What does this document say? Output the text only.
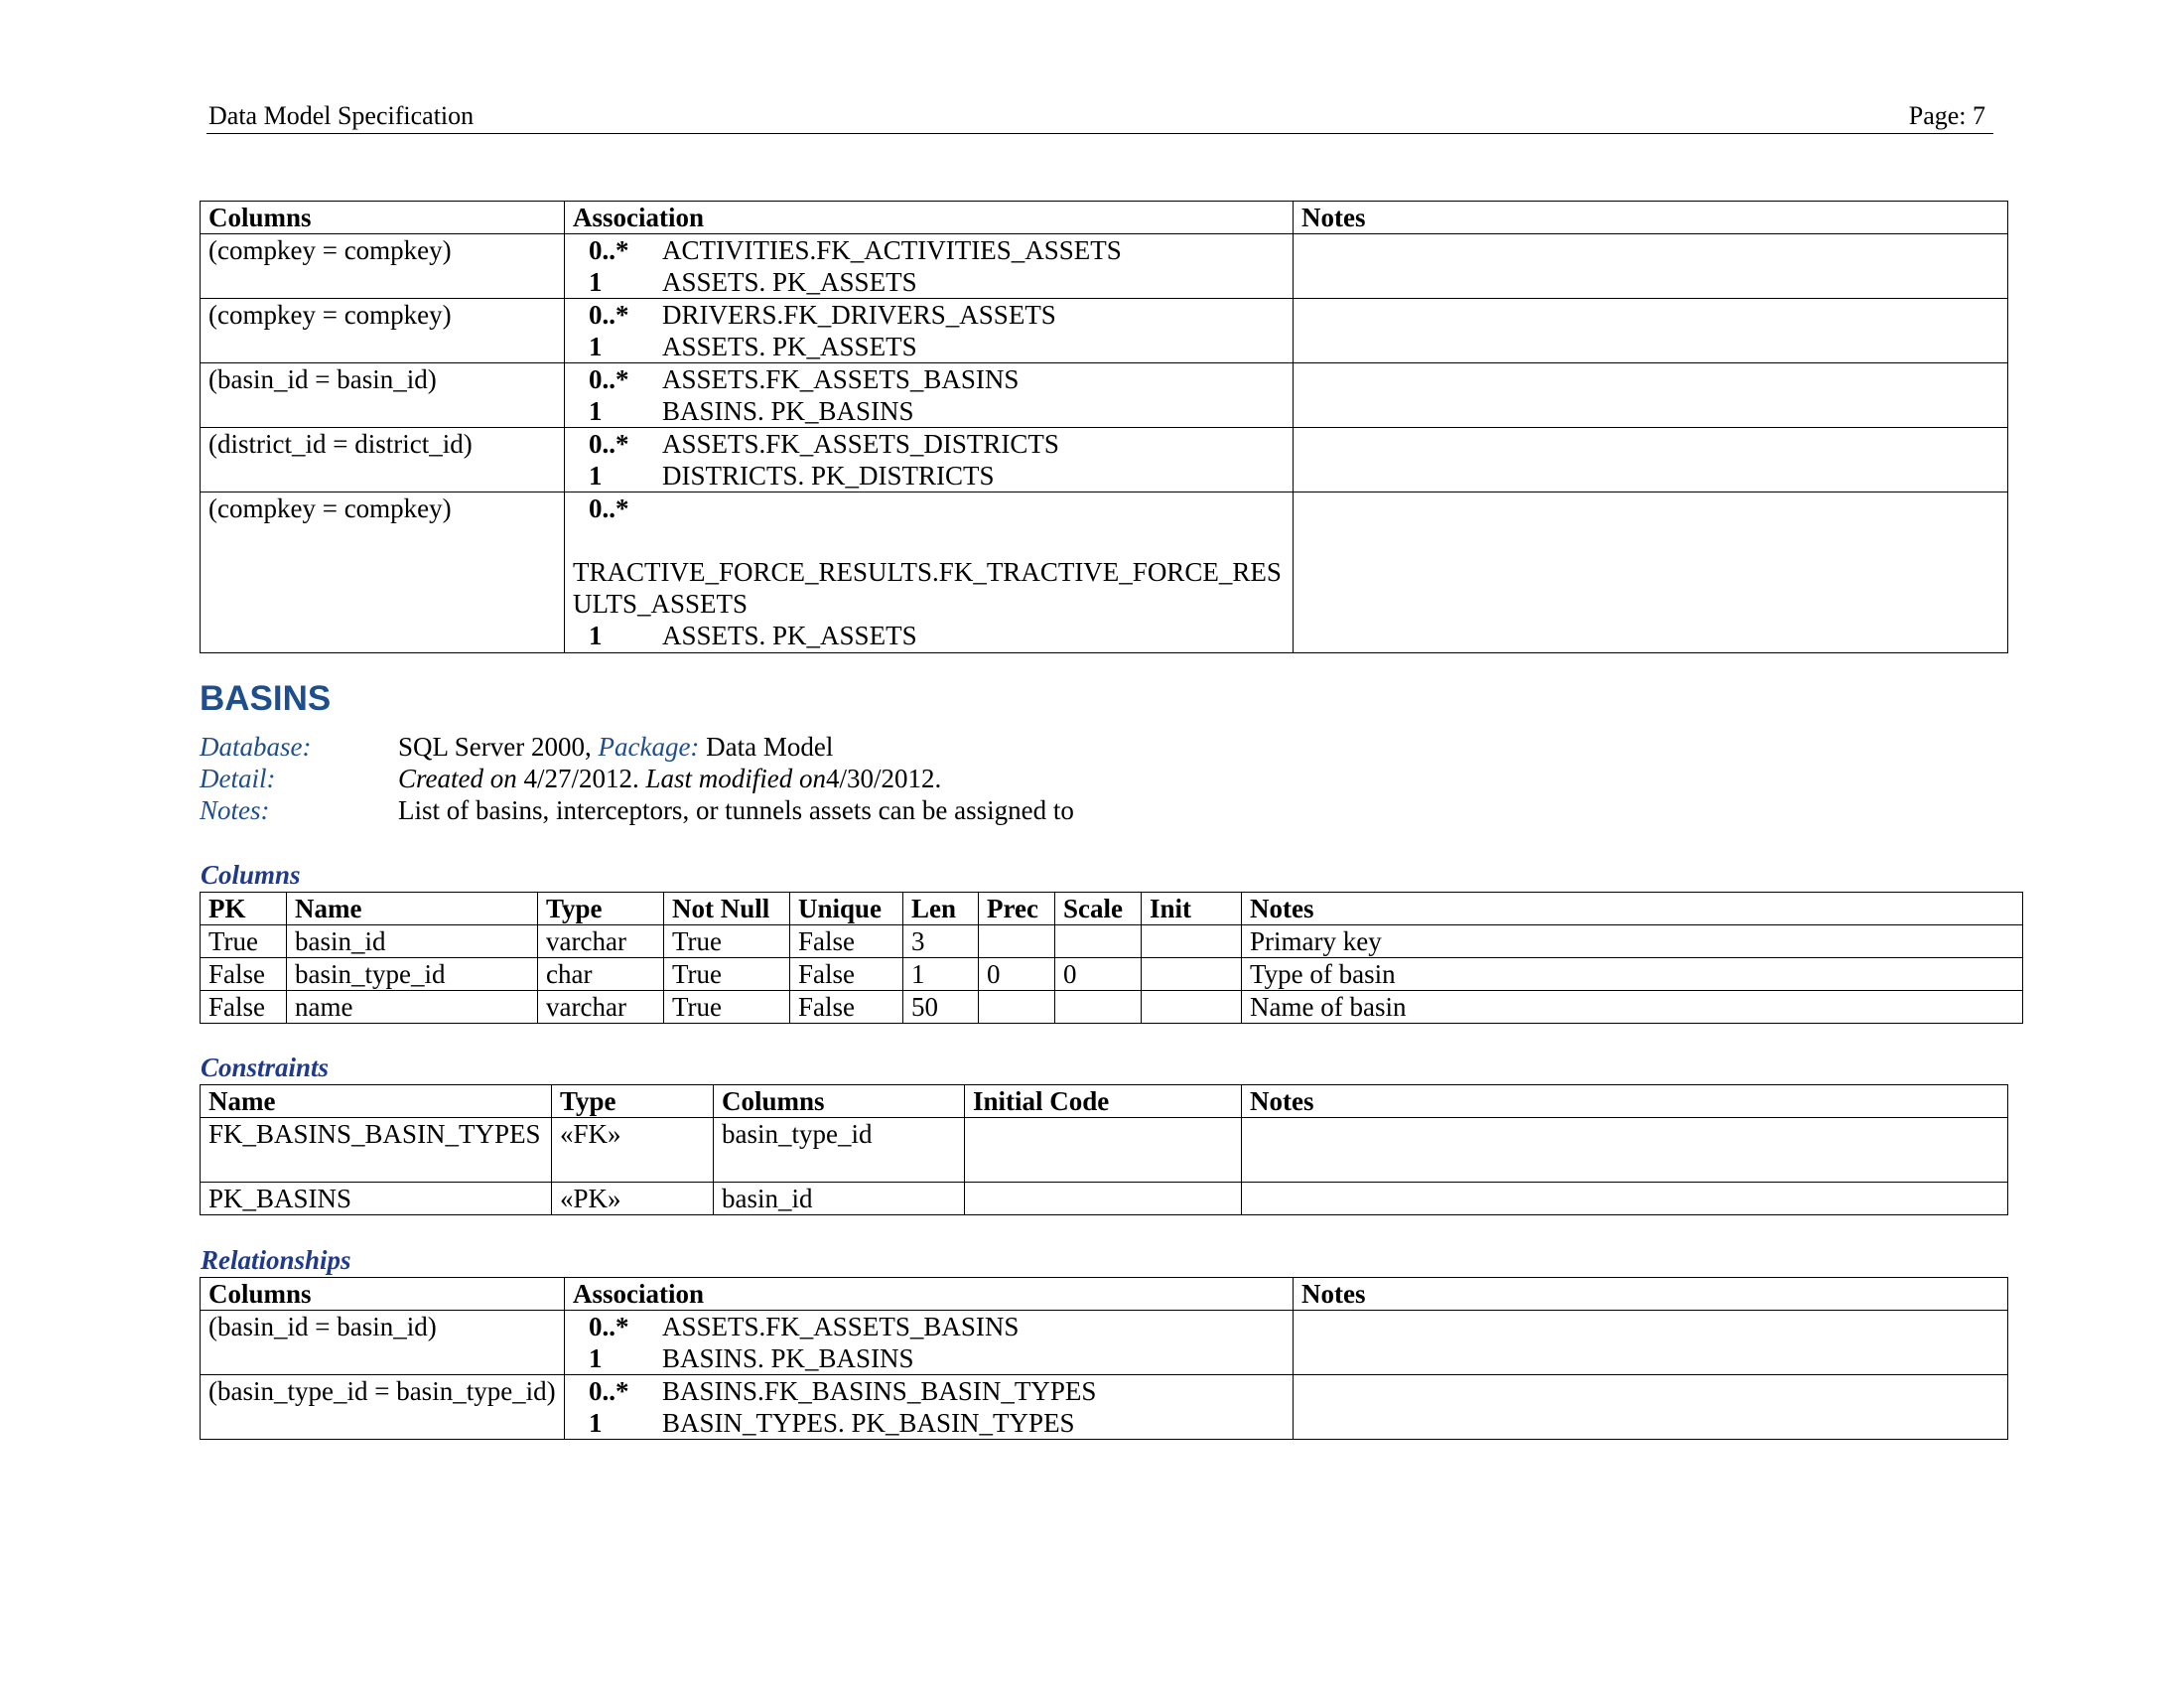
Data Model Specification	Page: 7
Columns	Association	Notes
(compkey = compkey)	0..* ACTIVITIES.FK_ACTIVITIES_ASSETS
1 ASSETS. PK_ASSETS	

(compkey = compkey)	0..* DRIVERS.FK_DRIVERS_ASSETS
1 ASSETS. PK_ASSETS	

(basin_id = basin_id)	0..* ASSETS.FK_ASSETS_BASINS
1 BASINS. PK_BASINS	

(district_id = district_id)	0..* ASSETS.FK_ASSETS_DISTRICTS
1 DISTRICTS. PK_DISTRICTS	

(compkey = compkey)	0..*
TRACTIVE_FORCE_RESULTS.FK_TRACTIVE_FORCE_RESULTS_ASSETS
1 ASSETS. PK_ASSETS	

BASINS
Database:	SQL Server 2000, Package: Data Model
Detail:	Created on 4/27/2012. Last modified on4/30/2012.
Notes:	List of basins, interceptors, or tunnels assets can be assigned to
Columns
PK	Name	Type	Not Null	Unique	Len	Prec	Scale	Init	Notes
True	basin_id	varchar	True	False	3				Primary key
False	basin_type_id	char	True	False	1	0	0		Type of basin
False	name	varchar	True	False	50				Name of basin
Constraints
Name	Type	Columns	Initial Code	Notes
FK_BASINS_BASIN_TYPES	«FK»	basin_type_id		
PK_BASINS	«PK»	basin_id		
Relationships
Columns	Association	Notes
(basin_id = basin_id)	0..* ASSETS.FK_ASSETS_BASINS
1 BASINS. PK_BASINS	

(basin_type_id = basin_type_id)	0..* BASINS.FK_BASINS_BASIN_TYPES
1 BASIN_TYPES. PK_BASIN_TYPES	
